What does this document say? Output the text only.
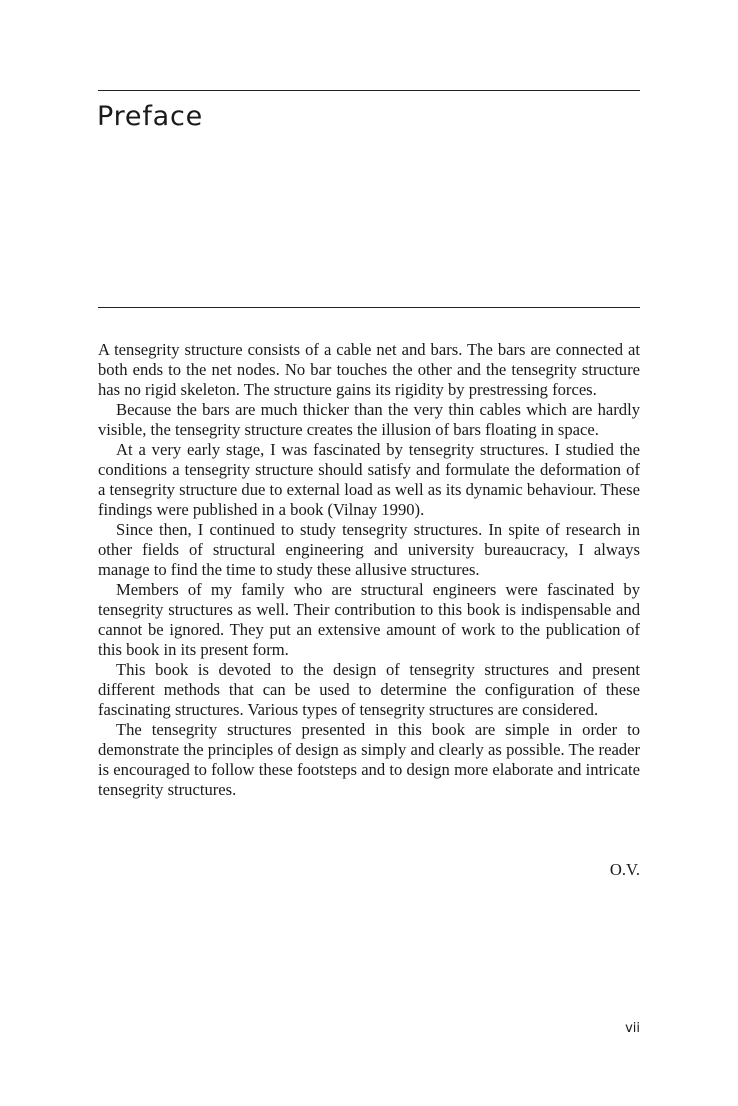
Preface

A tensegrity structure consists of a cable net and bars. The bars are connected at both ends to the net nodes. No bar touches the other and the tensegrity structure has no rigid skeleton. The structure gains its rigidity by prestressing forces.

Because the bars are much thicker than the very thin cables which are hardly visible, the tensegrity structure creates the illusion of bars floating in space.

At a very early stage, I was fascinated by tensegrity structures. I studied the conditions a tensegrity structure should satisfy and formulate the deformation of a tensegrity structure due to external load as well as its dynamic behaviour. These findings were published in a book (Vilnay 1990).

Since then, I continued to study tensegrity structures. In spite of research in other fields of structural engineering and university bureaucracy, I always manage to find the time to study these allusive structures.

Members of my family who are structural engineers were fascinated by tensegrity structures as well. Their contribution to this book is indispensable and cannot be ignored. They put an extensive amount of work to the publication of this book in its present form.

This book is devoted to the design of tensegrity structures and present different methods that can be used to determine the configuration of these fascinating structures. Various types of tensegrity structures are considered.

The tensegrity structures presented in this book are simple in order to demonstrate the principles of design as simply and clearly as possible. The reader is encouraged to follow these footsteps and to design more elaborate and intricate tensegrity structures.

O.V.
vii
